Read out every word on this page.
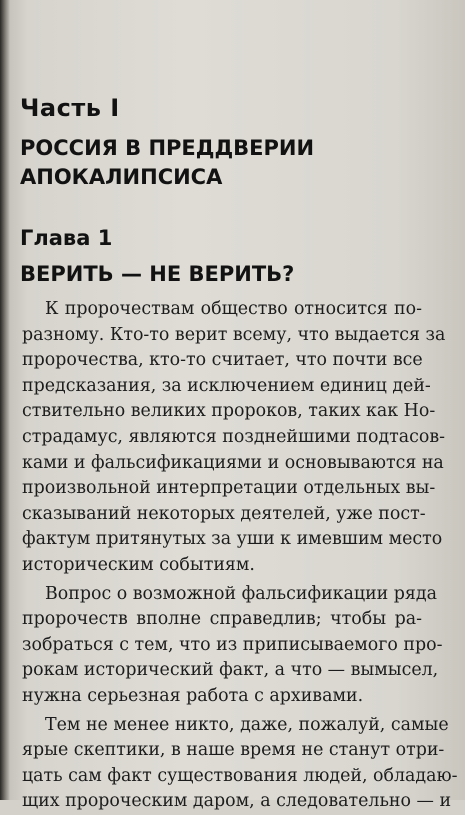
Часть I
РОССИЯ В ПРЕДДВЕРИИ
АПОКАЛИПСИСА
Глава 1
ВЕРИТЬ — НЕ ВЕРИТЬ?
К пророчествам общество относится по-
разному. Кто-то верит всему, что выдается за
пророчества, кто-то считает, что почти все
предсказания, за исключением единиц дей-
ствительно великих пророков, таких как Но-
страдамус, являются позднейшими подтасов-
ками и фальсификациями и основываются на
произвольной интерпретации отдельных вы-
сказываний некоторых деятелей, уже пост-
фактум притянутых за уши к имевшим место
историческим событиям.
Вопрос о возможной фальсификации ряда
пророчеств вполне справедлив; чтобы ра-
зобраться с тем, что из приписываемого про-
рокам исторический факт, а что — вымысел,
нужна серьезная работа с архивами.
Тем не менее никто, даже, пожалуй, самые
ярые скептики, в наше время не станут отри-
цать сам факт существования людей, обладаю-
щих пророческим даром, а следовательно — и
